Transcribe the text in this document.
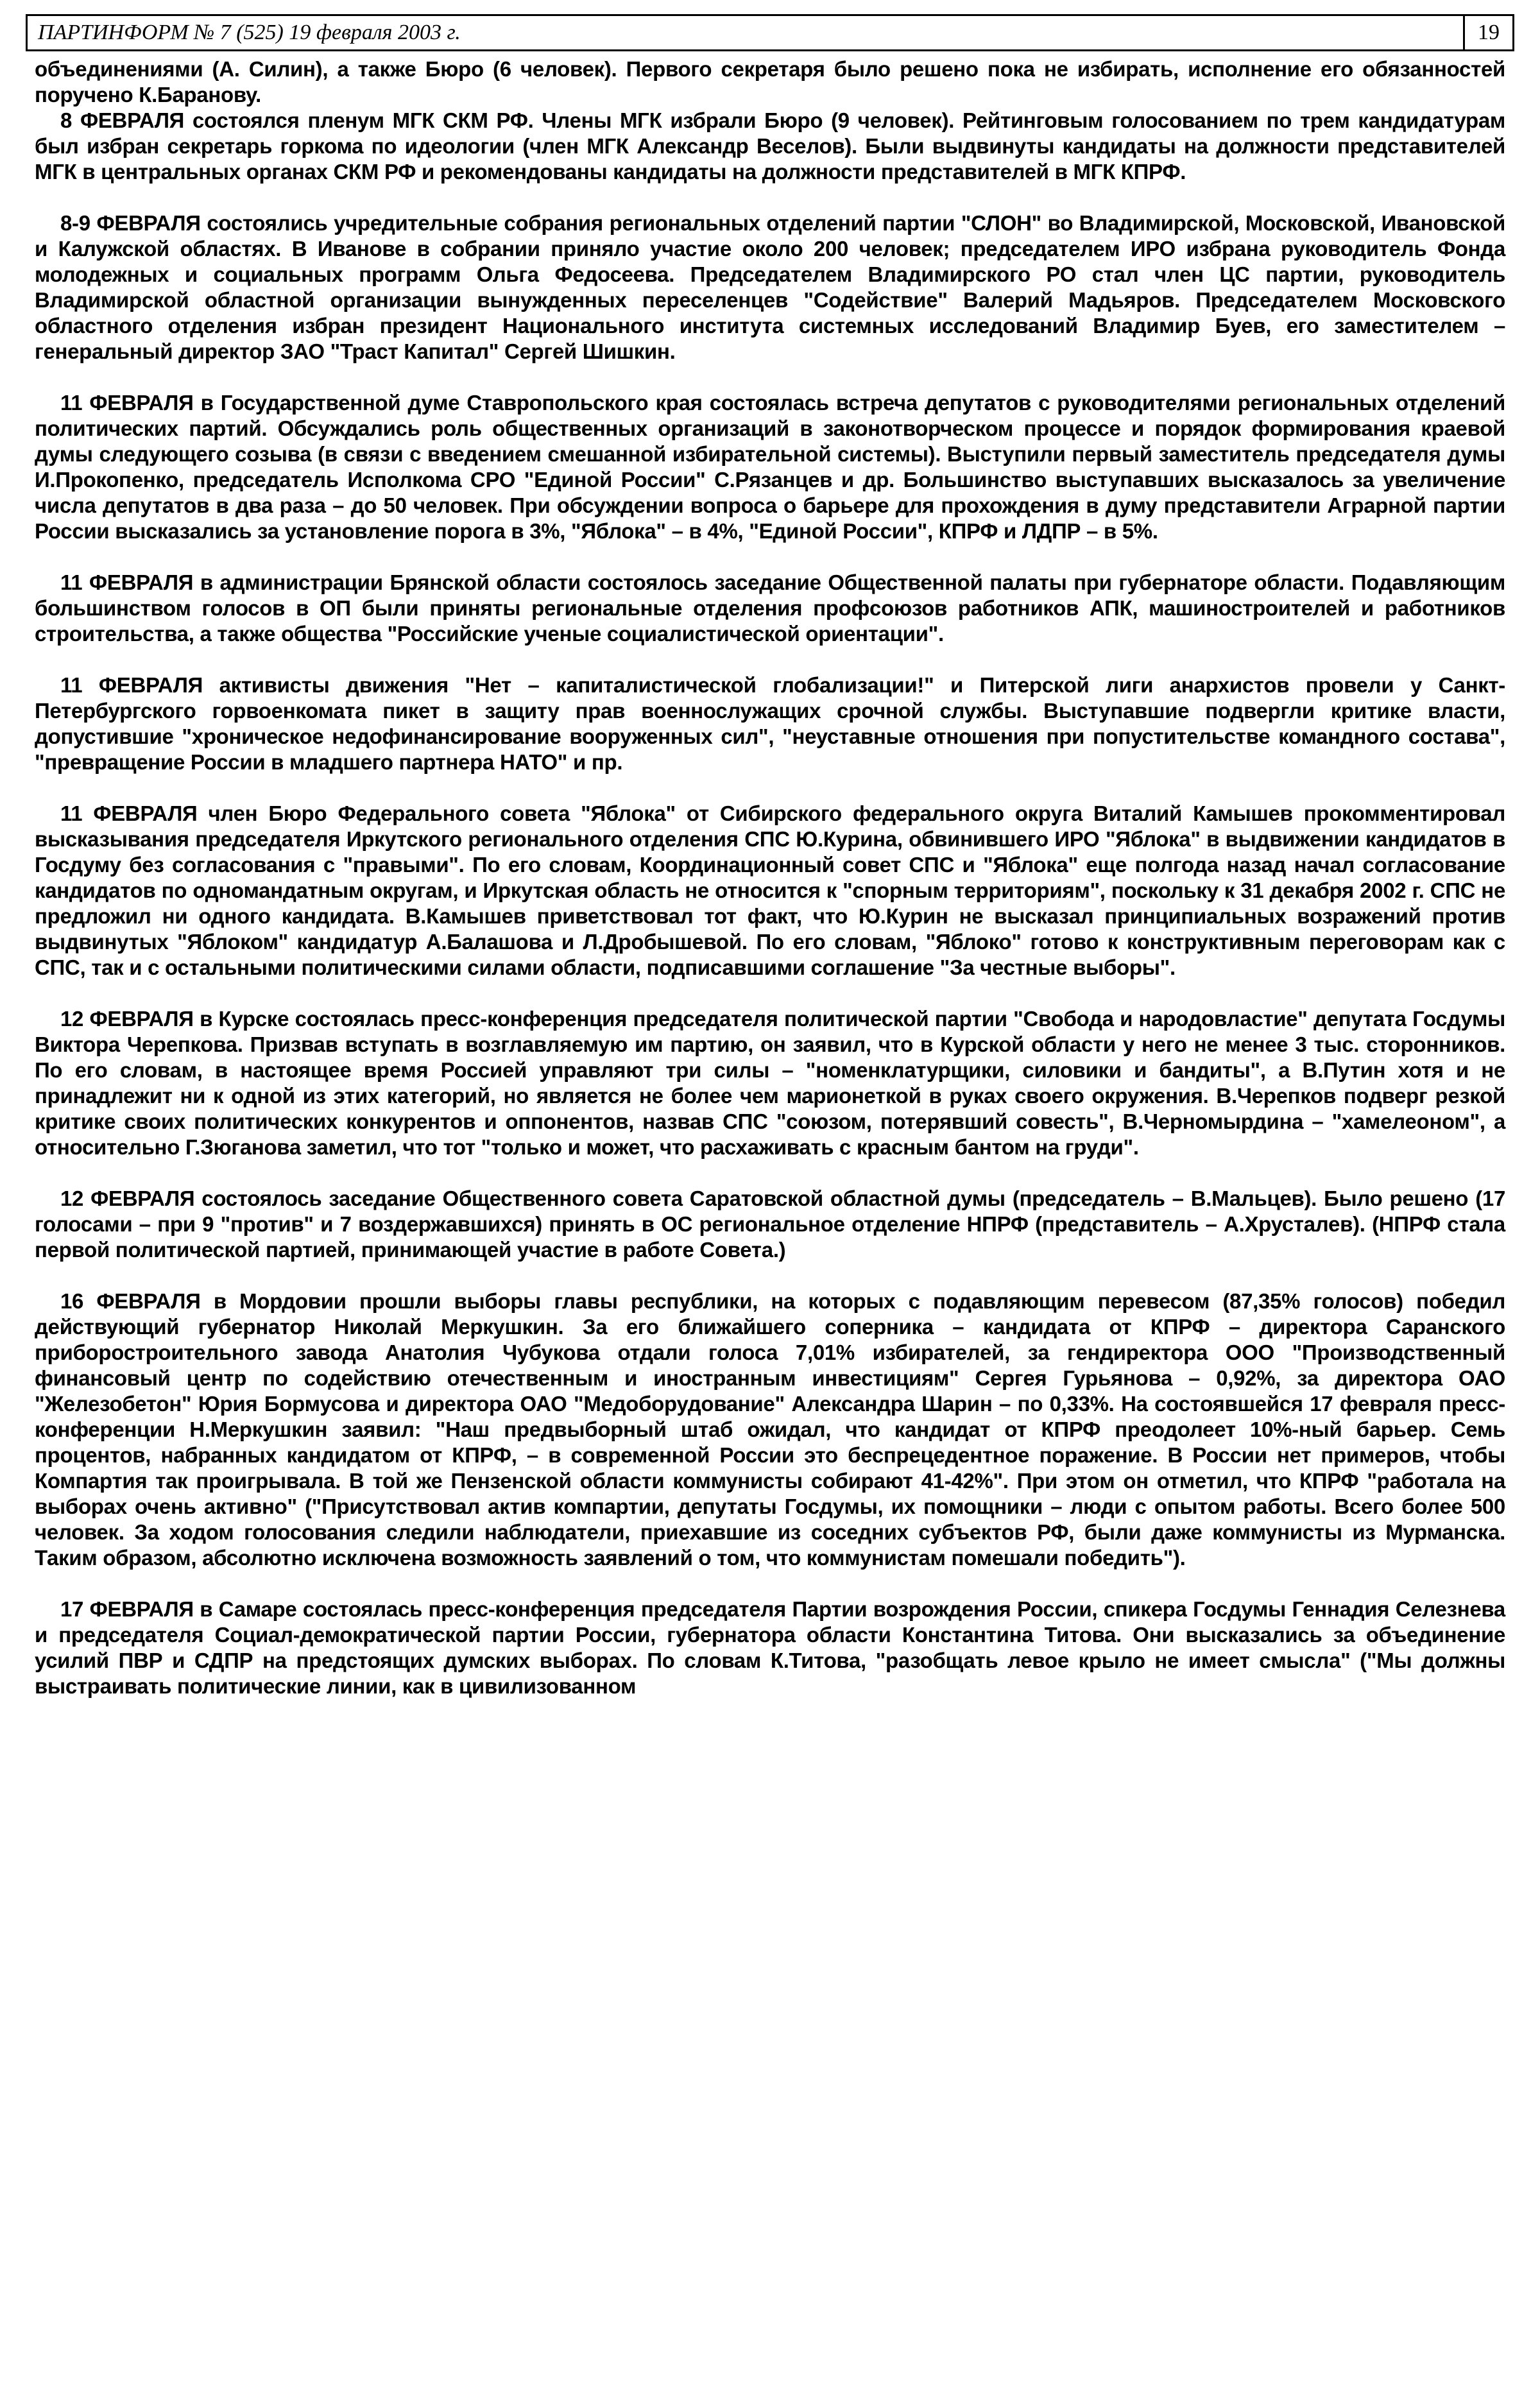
ПАРТИНФОРМ № 7 (525) 19 февраля 2003 г.	19

объединениями (А. Силин), а также Бюро (6 человек). Первого секретаря было решено пока не избирать, исполнение его обязанностей поручено К.Баранову.

8 ФЕВРАЛЯ состоялся пленум МГК СКМ РФ. Члены МГК избрали Бюро (9 человек). Рейтинговым голосованием по трем кандидатурам был избран секретарь горкома по идеологии (член МГК Александр Веселов). Были выдвинуты кандидаты на должности представителей МГК в центральных органах СКМ РФ и рекомендованы кандидаты на должности представителей в МГК КПРФ.

8-9 ФЕВРАЛЯ состоялись учредительные собрания региональных отделений партии "СЛОН" во Владимирской, Московской, Ивановской и Калужской областях. В Иванове в собрании приняло участие около 200 человек; председателем ИРО избрана руководитель Фонда молодежных и социальных программ Ольга Федосеева. Председателем Владимирского РО стал член ЦС партии, руководитель Владимирской областной организации вынужденных переселенцев "Содействие" Валерий Мадьяров. Председателем Московского областного отделения избран президент Национального института системных исследований Владимир Буев, его заместителем – генеральный директор ЗАО "Траст Капитал" Сергей Шишкин.

11 ФЕВРАЛЯ в Государственной думе Ставропольского края состоялась встреча депутатов с руководителями региональных отделений политических партий. Обсуждались роль общественных организаций в законотворческом процессе и порядок формирования краевой думы следующего созыва (в связи с введением смешанной избирательной системы). Выступили первый заместитель председателя думы И.Прокопенко, председатель Исполкома СРО "Единой России" С.Рязанцев и др. Большинство выступавших высказалось за увеличение числа депутатов в два раза – до 50 человек. При обсуждении вопроса о барьере для прохождения в думу представители Аграрной партии России высказались за установление порога в 3%, "Яблока" – в 4%, "Единой России", КПРФ и ЛДПР – в 5%.

11 ФЕВРАЛЯ в администрации Брянской области состоялось заседание Общественной палаты при губернаторе области. Подавляющим большинством голосов в ОП были приняты региональные отделения профсоюзов работников АПК, машиностроителей и работников строительства, а также общества "Российские ученые социалистической ориентации".

11 ФЕВРАЛЯ активисты движения "Нет – капиталистической глобализации!" и Питерской лиги анархистов провели у Санкт-Петербургского горвоенкомата пикет в защиту прав военнослужащих срочной службы. Выступавшие подвергли критике власти, допустившие "хроническое недофинансирование вооруженных сил", "неуставные отношения при попустительстве командного состава", "превращение России в младшего партнера НАТО" и пр.

11 ФЕВРАЛЯ член Бюро Федерального совета "Яблока" от Сибирского федерального округа Виталий Камышев прокомментировал высказывания председателя Иркутского регионального отделения СПС Ю.Курина, обвинившего ИРО "Яблока" в выдвижении кандидатов в Госдуму без согласования с "правыми". По его словам, Координационный совет СПС и "Яблока" еще полгода назад начал согласование кандидатов по одномандатным округам, и Иркутская область не относится к "спорным территориям", поскольку к 31 декабря 2002 г. СПС не предложил ни одного кандидата. В.Камышев приветствовал тот факт, что Ю.Курин не высказал принципиальных возражений против выдвинутых "Яблоком" кандидатур А.Балашова и Л.Дробышевой. По его словам, "Яблоко" готово к конструктивным переговорам как с СПС, так и с остальными политическими силами области, подписавшими соглашение "За честные выборы".

12 ФЕВРАЛЯ в Курске состоялась пресс-конференция председателя политической партии "Свобода и народовластие" депутата Госдумы Виктора Черепкова. Призвав вступать в возглавляемую им партию, он заявил, что в Курской области у него не менее 3 тыс. сторонников. По его словам, в настоящее время Россией управляют три силы – "номенклатурщики, силовики и бандиты", а В.Путин хотя и не принадлежит ни к одной из этих категорий, но является не более чем марионеткой в руках своего окружения. В.Черепков подверг резкой критике своих политических конкурентов и оппонентов, назвав СПС "союзом, потерявший совесть", В.Черномырдина – "хамелеоном", а относительно Г.Зюганова заметил, что тот "только и может, что расхаживать с красным бантом на груди".

12 ФЕВРАЛЯ состоялось заседание Общественного совета Саратовской областной думы (председатель – В.Мальцев). Было решено (17 голосами – при 9 "против" и 7 воздержавшихся) принять в ОС региональное отделение НПРФ (представитель – А.Хрусталев). (НПРФ стала первой политической партией, принимающей участие в работе Совета.)

16 ФЕВРАЛЯ в Мордовии прошли выборы главы республики, на которых с подавляющим перевесом (87,35% голосов) победил действующий губернатор Николай Меркушкин. За его ближайшего соперника – кандидата от КПРФ – директора Саранского приборостроительного завода Анатолия Чубукова отдали голоса 7,01% избирателей, за гендиректора ООО "Производственный финансовый центр по содействию отечественным и иностранным инвестициям" Сергея Гурьянова – 0,92%, за директора ОАО "Железобетон" Юрия Бормусова и директора ОАО "Медоборудование" Александра Шарин – по 0,33%. На состоявшейся 17 февраля пресс-конференции Н.Меркушкин заявил: "Наш предвыборный штаб ожидал, что кандидат от КПРФ преодолеет 10%-ный барьер. Семь процентов, набранных кандидатом от КПРФ, – в современной России это беспрецедентное поражение. В России нет примеров, чтобы Компартия так проигрывала. В той же Пензенской области коммунисты собирают 41-42%". При этом он отметил, что КПРФ "работала на выборах очень активно" ("Присутствовал актив компартии, депутаты Госдумы, их помощники – люди с опытом работы. Всего более 500 человек. За ходом голосования следили наблюдатели, приехавшие из соседних субъектов РФ, были даже коммунисты из Мурманска. Таким образом, абсолютно исключена возможность заявлений о том, что коммунистам помешали победить").

17 ФЕВРАЛЯ в Самаре состоялась пресс-конференция председателя Партии возрождения России, спикера Госдумы Геннадия Селезнева и председателя Социал-демократической партии России, губернатора области Константина Титова. Они высказались за объединение усилий ПВР и СДПР на предстоящих думских выборах. По словам К.Титова, "разобщать левое крыло не имеет смысла" ("Мы должны выстраивать политические линии, как в цивилизованном
